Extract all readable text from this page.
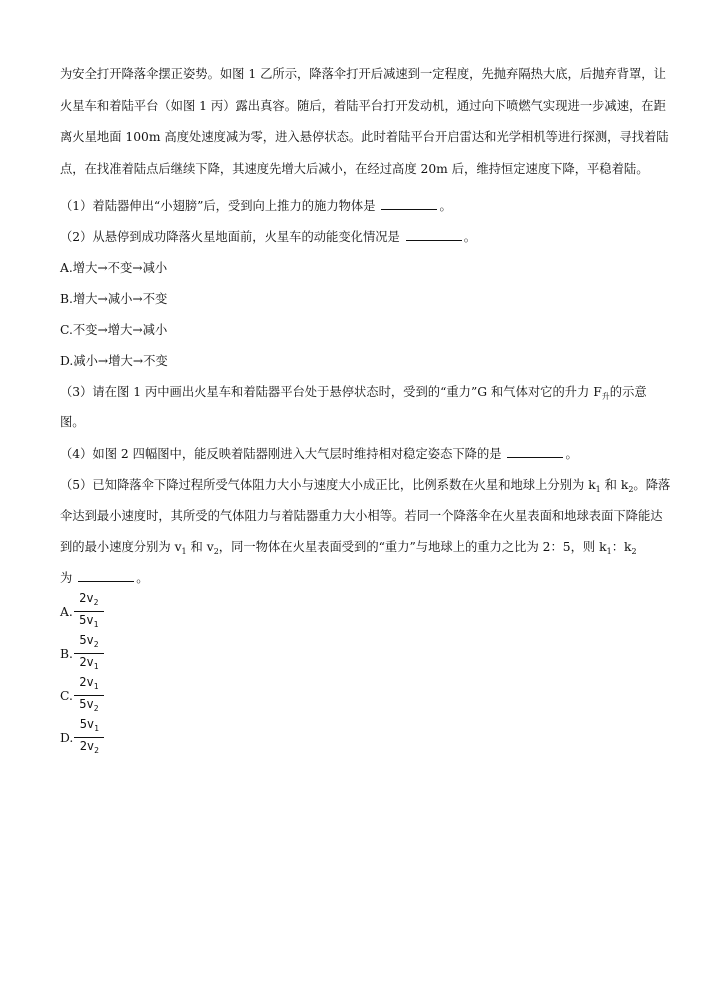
为安全打开降落伞摆正姿势。如图 1 乙所示，降落伞打开后减速到一定程度，先抛弃隔热大底，后抛弃背罩，让
火星车和着陆平台（如图 1 丙）露出真容。随后，着陆平台打开发动机，通过向下喷燃气实现进一步减速，在距
离火星地面 100m 高度处速度减为零，进入悬停状态。此时着陆平台开启雷达和光学相机等进行探测，寻找着陆
点，在找准着陆点后继续下降，其速度先增大后减小，在经过高度 20m 后，维持恒定速度下降，平稳着陆。
（1）着陆器伸出“小翅膀”后，受到向上推力的施力物体是	。
（2）从悬停到成功降落火星地面前，火星车的动能变化情况是	。
A.增大→不变→减小
B.增大→减小→不变
C.不变→增大→减小
D.减小→增大→不变
（3）请在图 1 丙中画出火星车和着陆器平台处于悬停状态时，受到的“重力”G 和气体对它的升力 $F_升$的示意
图。
（4）如图 2 四幅图中，能反映着陆器刚进入大气层时维持相对稳定姿态下降的是	。
（5）已知降落伞下降过程所受气体阻力大小与速度大小成正比，比例系数在火星和地球上分别为 $k_1$ 和 $k_2$。降落
伞达到最小速度时，其所受的气体阻力与着陆器重力大小相等。若同一个降落伞在火星表面和地球表面下降能达
到的最小速度分别为 $v_1$ 和 $v_2$，同一物体在火星表面受到的“重力”与地球上的重力之比为 2：5，则 $k_1$：$k_2$
为	。
A. $\frac{2v_2}{5v_1}$
B. $\frac{5v_2}{2v_1}$
C. $\frac{2v_1}{5v_2}$
D. $\frac{5v_1}{2v_2}$
